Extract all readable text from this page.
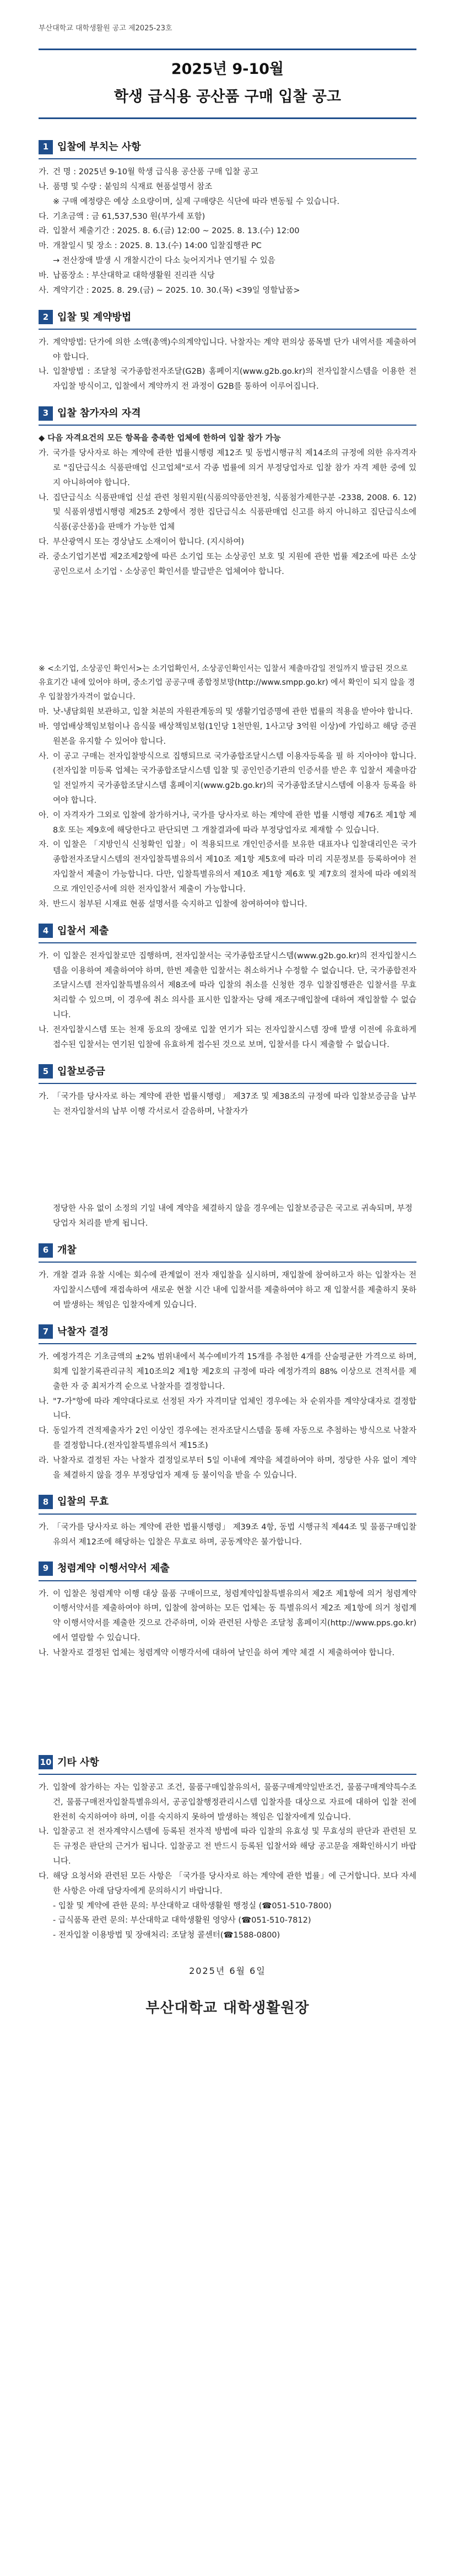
부산대학교 대학생활원 공고 제2025-23호
2025년 9-10월
학생 급식용 공산품 구매 입찰 공고
1 입찰에 부치는 사항
가. 건 명 : 2025년 9-10월 학생 급식용 공산품 구매 입찰 공고
나. 품명 및 수량 : 붙임의 식재료 현품설명서 참조
※ 구매 예정량은 예상 소요량이며, 실제 구매량은 식단에 따라 변동될 수 있습니다.
다. 기초금액 : 금 61,537,530 원(부가세 포함)
라. 입찰서 제출기간 : 2025. 8. 6.(금) 12:00 ~ 2025. 8. 13.(수) 12:00
마. 개찰일시 및 장소 : 2025. 8. 13.(수) 14:00 입찰집행관 PC
→ 전산장애 발생 시 개찰시간이 다소 늦어지거나 연기될 수 있음
바. 납품장소 : 부산대학교 대학생활원 진리관 식당
사. 계약기간 : 2025. 8. 29.(금) ~ 2025. 10. 30.(목) <39일 영할납품>
2 입찰 및 계약방법
가. 계약방법: 단가에 의한 소액(총액)수의계약입니다. 낙찰자는 계약 편의상 품목별 단가 내역서를 제출하여야 합니다.
나. 입찰방법 : 조달청 국가종합전자조달(G2B) 홈페이지(www.g2b.go.kr)의 전자입찰시스템을 이용한 전자입찰 방식이고, 입찰에서 계약까지 전 과정이 G2B를 통하여 이루어집니다.
3 입찰 참가자의 자격
◆ 다음 자격요건의 모든 항목을 충족한 업체에 한하여 입찰 참가 가능
가. 국가를 당사자로 하는 계약에 관한 법률시행령 제12조 및 동법시행규칙 제14조의 규정에 의한 유자격자로 "집단급식소 식품판매업 신고업체"로서 각종 법률에 의거 부정당업자로 입찰 참가 자격 제한 중에 있지 아니하여야 합니다.
나. 집단급식소 식품판매업 신설 관련 청원지원(식품의약품안전청, 식품첨가제한구분 -2338, 2008. 6. 12)및 식품위생법시행령 제25조 2항에서 정한 집단급식소 식품판매업 신고를 하지 아니하고 집단급식소에 식품(공산품)을 판매가 가능한 업체
다. 부산광역시 또는 경상남도 소재이어 합니다. (지시하여)
라. 중소기업기본법 제2조제2항에 따른 소기업 또는 소상공인 보호 및 지원에 관한 법률 제2조에 따른 소상공인으로서 소기업ㆍ소상공인 확인서를 발급받은 업체여야 합니다.
※ <소기업, 소상공인 확인서>는 소기업확인서, 소상공인확인서는 입찰서 제출마감일 전일까지 발급된 것으로 유효기간 내에 있어야 하며, 중소기업 공공구매 종합정보망(http://www.smpp.go.kr) 에서 확인이 되지 않을 경우 입찰참가자격이 없습니다.
마. 낫-냉담회원 보관하고, 입찰 처분의 자원관계동의 및 생활기업증명에 관한 법률의 적용을 받아야 합니다.
바. 영업배상책임보험이나 음식물 배상책임보험(1인당 1천만원, 1사고당 3억원 이상)에 가입하고 해당 증권 원본을 유지할 수 있어야 합니다.
사. 이 공고 구매는 전자입찰방식으로 집행되므로 국가종합조달시스템 이용자등록을 필 하 지아야야 합니다.(전자입찰 미등록 업체는 국가종합조달시스템 입찰 및 공인인증기관의 인증서를 받은 후 입찰서 제출마감일 전일까지 국가종합조달시스템 홈페이지(www.g2b.go.kr)의 국가종합조달시스템에 이용자 등록을 하여야 합니다.
아. 이 자격자가 그외로 입찰에 참가하거나, 국가를 당사자로 하는 계약에 관한 법률 시행령 제76조 제1항 제8호 또는 제9호에 해당한다고 판단되면 그 개찰결과에 따라 부정당업자로 제재할 수 있습니다.
자. 이 입찰은 「지방인식 신청확인 입찰」이 적용되므로 개인인증서를 보유한 대표자나 입찰대리인은 국가종합전자조달시스템의 전자입찰특별유의서 제10조 제1항 제5호에 따라 미리 지문정보를 등록하여야 전자입찰서 제출이 가능합니다. 다만, 입찰특별유의서 제10조 제1항 제6호 및 제7호의 절차에 따라 예외적으로 개인인증서에 의한 전자입찰서 제출이 가능합니다.
차. 반드시 첨부된 시재료 현품 설명서를 숙지하고 입찰에 참여하여야 합니다.
4 입찰서 제출
가. 이 입찰은 전자입찰로만 집행하며, 전자입찰서는 국가종합조달시스템(www.g2b.go.kr)의 전자입찰시스템을 이용하여 제출하여야 하며, 한번 제출한 입찰서는 취소하거나 수정할 수 없습니다. 단, 국가종합전자조달시스템 전자입찰특별유의서 제8조에 따라 입찰의 취소를 신청한 경우 입찰집행관은 입찰서를 무효 처리할 수 있으며, 이 경우에 취소 의사를 표시한 입찰자는 당해 재조구매입찰에 대하여 재입찰할 수 없습니다.
나. 전자입찰시스템 또는 천재 동요의 장애로 입찰 연기가 되는 전자입찰시스템 장애 발생 이전에 유효하게 접수된 입찰서는 연기된 입찰에 유효하게 접수된 것으로 보며, 입찰서를 다시 제출할 수 없습니다.
5 입찰보증금
가. 「국가를 당사자로 하는 계약에 관한 법률시행령」 제37조 및 제38조의 규정에 따라 입찰보증금을 납부는 전자입찰서의 납부 이행 각서로서 갈음하며, 낙찰자가
정당한 사유 없이 소정의 기일 내에 계약을 체결하지 않을 경우에는 입찰보증금은 국고로 귀속되며, 부정당업자 처리를 받게 됩니다.
6 개찰
가. 개찰 결과 유찰 시에는 회수에 관계없이 전자 재입찰을 실시하며, 재입찰에 참여하고자 하는 입찰자는 전자입찰시스템에 재접속하여 새로운 현찰 시간 내에 입찰서를 제출하여야 하고 재 입찰서를 제출하지 못하여 발생하는 책임은 입찰자에게 있습니다.
7 낙찰자 결정
가. 예정가격은 기초금액의 ±2% 범위내에서 복수예비가격 15개를 추첨한 4개를 산술평균한 가격으로 하며, 회계 입찰기록관리규칙 제10조의2 제1항 제2호의 규정에 따라 예정가격의 88% 이상으로 견적서를 제출한 자 중 최저가격 순으로 낙찰자를 결정합니다.
나. "7-가"항에 따라 계약대다로로 선정된 자가 자격미달 업체인 경우에는 차 순위자를 계약상대자로 결정합니다.
다. 동일가격 견적제출자가 2인 이상인 경우에는 전자조달시스템을 통해 자동으로 추첨하는 방식으로 낙찰자를 결정합니다.(전자입찰특별유의서 제15조)
라. 낙찰자로 결정된 자는 낙찰자 결정일로부터 5일 이내에 계약을 체결하여야 하며, 정당한 사유 없이 계약을 체결하지 않을 경우 부정당업자 제재 등 불이익을 받을 수 있습니다.
8 입찰의 무효
가. 「국가를 당사자로 하는 계약에 관한 법률시행령」 제39조 4항, 동법 시행규칙 제44조 및 물품구매입찰유의서 제12조에 해당하는 입찰은 무효로 하며, 공동계약은 불가합니다.
9 청렴계약 이행서약서 제출
가. 이 입찰은 청렴계약 이행 대상 물품 구매이므로, 청렴계약입찰특별유의서 제2조 제1항에 의거 청렴계약이행서약서를 제출하여야 하며, 입찰에 참여하는 모든 업체는 동 특별유의서 제2조 제1항에 의거 청렴계약 이행서약서를 제출한 것으로 간주하며, 이와 관련된 사항은 조달청 홈페이지(http://www.pps.go.kr)에서 열람할 수 있습니다.
나. 낙찰자로 결정된 업체는 청렴계약 이행각서에 대하여 날인을 하여 계약 체결 시 제출하여야 합니다.
10 기타 사항
가. 입찰에 참가하는 자는 입찰공고 조건, 물품구매입찰유의서, 물품구매계약일반조건, 물품구매계약특수조건, 물품구매전자입찰특별유의서, 공공입찰행정관리시스템 입찰자를 대상으로 자료에 대하여 입찰 전에 완전히 숙지하여야 하며, 이를 숙지하지 못하여 발생하는 책임은 입찰자에게 있습니다.
나. 입찰공고 전 전자계약시스템에 등록된 전자적 방법에 따라 입찰의 유효성 및 무효성의 판단과 관련된 모든 규정은 판단의 근거가 됩니다. 입찰공고 전 반드시 등록된 입찰서와 해당 공고문을 재확인하시기 바랍니다.
다. 해당 요청서와 관련된 모든 사항은 「국가를 당사자로 하는 계약에 관한 법률」에 근거합니다. 보다 자세한 사항은 아래 담당자에게 문의하시기 바랍니다.
- 입찰 및 계약에 관한 문의: 부산대학교 대학생활원 행정실 (☎051-510-7800)
- 급식품목 관련 문의: 부산대학교 대학생활원 영양사 (☎051-510-7812)
- 전자입찰 이용방법 및 장애처리: 조달청 콜센터(☎1588-0800)
2025년 6월 6일
부산대학교 대학생활원장
